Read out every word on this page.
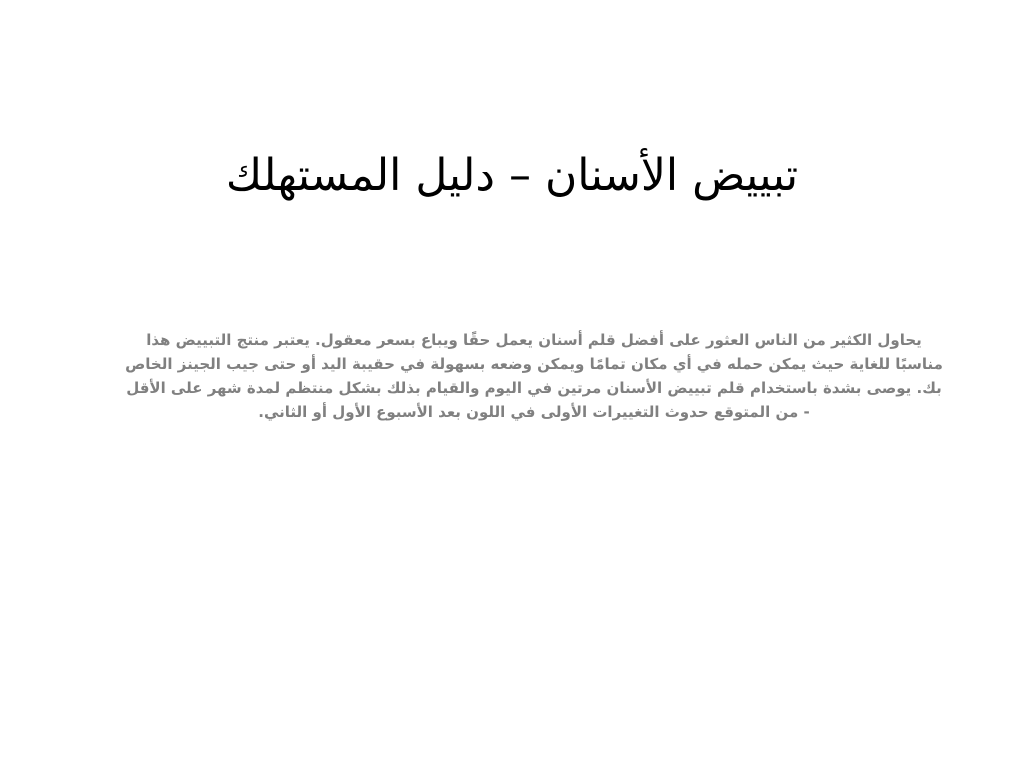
تبييض الأسنان – دليل المستهلك

يحاول الكثير من الناس العثور على أفضل قلم أسنان يعمل حقًا ويباع بسعر معقول. يعتبر منتج التبييض هذا مناسبًا للغاية حيث يمكن حمله في أي مكان تمامًا ويمكن وضعه بسهولة في حقيبة اليد أو حتى جيب الجينز الخاص بك. يوصى بشدة باستخدام قلم تبييض الأسنان مرتين في اليوم والقيام بذلك بشكل منتظم لمدة شهر على الأقل - من المتوقع حدوث التغييرات الأولى في اللون بعد الأسبوع الأول أو الثاني.
